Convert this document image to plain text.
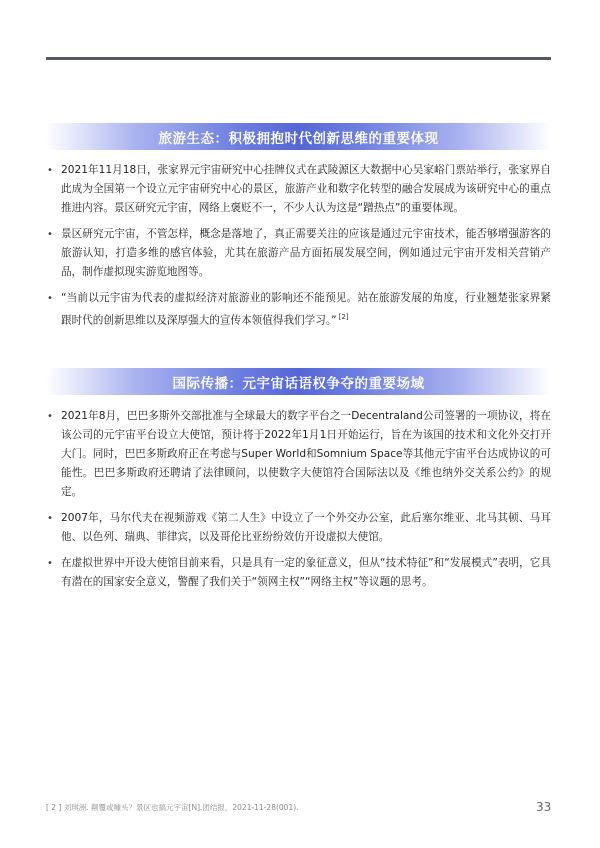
旅游生态：积极拥抱时代创新思维的重要体现
• 2021年11月18日，张家界元宇宙研究中心挂牌仪式在武陵源区大数据中心吴家峪门票站举行，张家界自此成为全国第一个设立元宇宙研究中心的景区，旅游产业和数字化转型的融合发展成为该研究中心的重点推进内容。景区研究元宇宙，网络上褒贬不一，不少人认为这是“蹭热点”的重要体现。
• 景区研究元宇宙，不管怎样，概念是落地了，真正需要关注的应该是通过元宇宙技术，能否够增强游客的旅游认知，打造多维的感官体验，尤其在旅游产品方面拓展发展空间，例如通过元宇宙开发相关营销产品，制作虚拟现实游览地图等。
• “当前以元宇宙为代表的虚拟经济对旅游业的影响还不能预见。站在旅游发展的角度，行业翘楚张家界紧跟时代的创新思维以及深厚强大的宣传本领值得我们学习。” [2]
国际传播：元宇宙话语权争夺的重要场域
• 2021年8月，巴巴多斯外交部批准与全球最大的数字平台之一Decentraland公司签署的一项协议，将在该公司的元宇宙平台设立大使馆，预计将于2022年1月1日开始运行，旨在为该国的技术和文化外交打开大门。同时，巴巴多斯政府正在考虑与Super World和Somnium Space等其他元宇宙平台达成协议的可能性。巴巴多斯政府还聘请了法律顾问，以使数字大使馆符合国际法以及《维也纳外交关系公约》的规定。
• 2007年，马尔代夫在视频游戏《第二人生》中设立了一个外交办公室，此后塞尔维亚、北马其顿、马耳他、以色列、瑞典、菲律宾，以及哥伦比亚纷纷效仿开设虚拟大使馆。
• 在虚拟世界中开设大使馆目前来看，只是具有一定的象征意义，但从“技术特征”和“发展模式”表明，它具有潜在的国家安全意义，警醒了我们关于“领网主权”“网络主权”等议题的思考。
[ 2 ] 刘琪洲. 颠覆或噱头？景区也搞元宇宙[N].团结报，2021-11-28(001).	33
